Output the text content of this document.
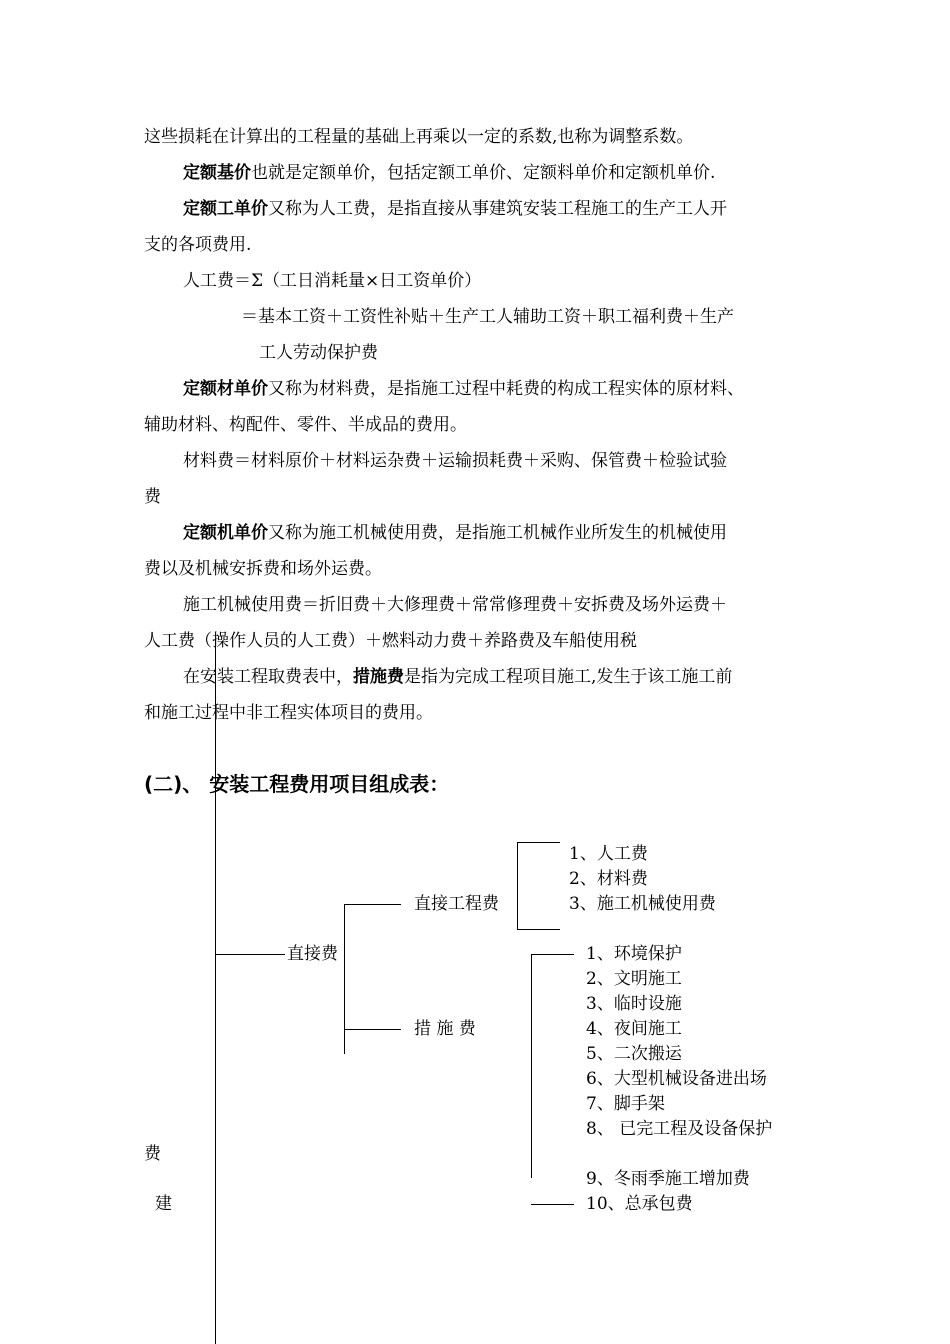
这些损耗在计算出的工程量的基础上再乘以一定的系数,也称为调整系数。
定额基价也就是定额单价，包括定额工单价、定额料单价和定额机单价.
定额工单价又称为人工费，是指直接从事建筑安装工程施工的生产工人开
支的各项费用.
人工费＝Σ（工日消耗量×日工资单价）
＝基本工资＋工资性补贴＋生产工人辅助工资＋职工福利费＋生产
工人劳动保护费
定额材单价又称为材料费，是指施工过程中耗费的构成工程实体的原材料、
辅助材料、构配件、零件、半成品的费用。
材料费＝材料原价＋材料运杂费＋运输损耗费＋采购、保管费＋检验试验
费
定额机单价又称为施工机械使用费，是指施工机械作业所发生的机械使用
费以及机械安拆费和场外运费。
施工机械使用费＝折旧费＋大修理费＋常常修理费＋安拆费及场外运费＋
人工费（操作人员的人工费）＋燃料动力费＋养路费及车船使用税
在安装工程取费表中，措施费是指为完成工程项目施工,发生于该工施工前
和施工过程中非工程实体项目的费用。
(二)、 安装工程费用项目组成表：
直接费
直接工程费
措 施 费
1、人工费
2、材料费
3、施工机械使用费
1、环境保护
2、文明施工
3、临时设施
4、夜间施工
5、二次搬运
6、大型机械设备进出场
7、脚手架
8、 已完工程及设备保护
9、冬雨季施工增加费
10、总承包费
费
建
